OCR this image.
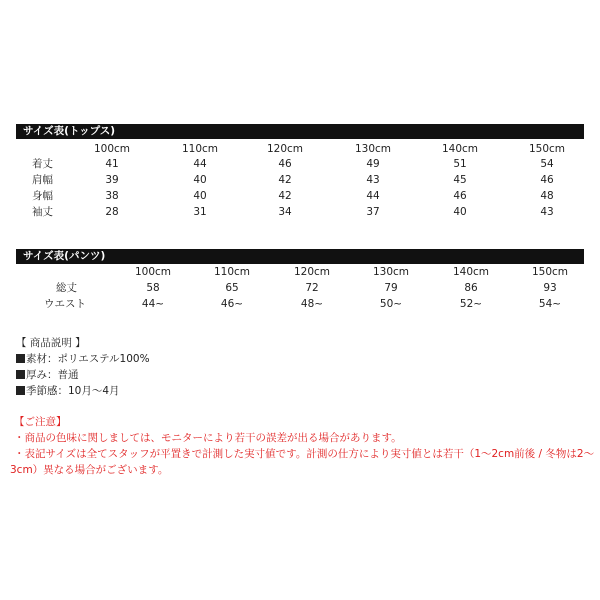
サイズ表(トップス)
100cm	110cm	120cm	130cm	140cm	150cm
着丈	41	44	46	49	51	54
肩幅	39	40	42	43	45	46
身幅	38	40	42	44	46	48
袖丈	28	31	34	37	40	43
サイズ表(パンツ)
100cm	110cm	120cm	130cm	140cm	150cm
総丈	58	65	72	79	86	93
ウエスト	44~	46~	48~	50~	52~	54~
【 商品説明 】
素材：ポリエステル100%
厚み：普通
季節感：10月～4月
【ご注意】
・商品の色味に関しましては、モニターにより若干の誤差が出る場合があります。
・表記サイズは全てスタッフが平置きで計測した実寸値です。計測の仕方により実寸値とは若干（1～2cm前後 / 冬物は2～
3cm）異なる場合がございます。
